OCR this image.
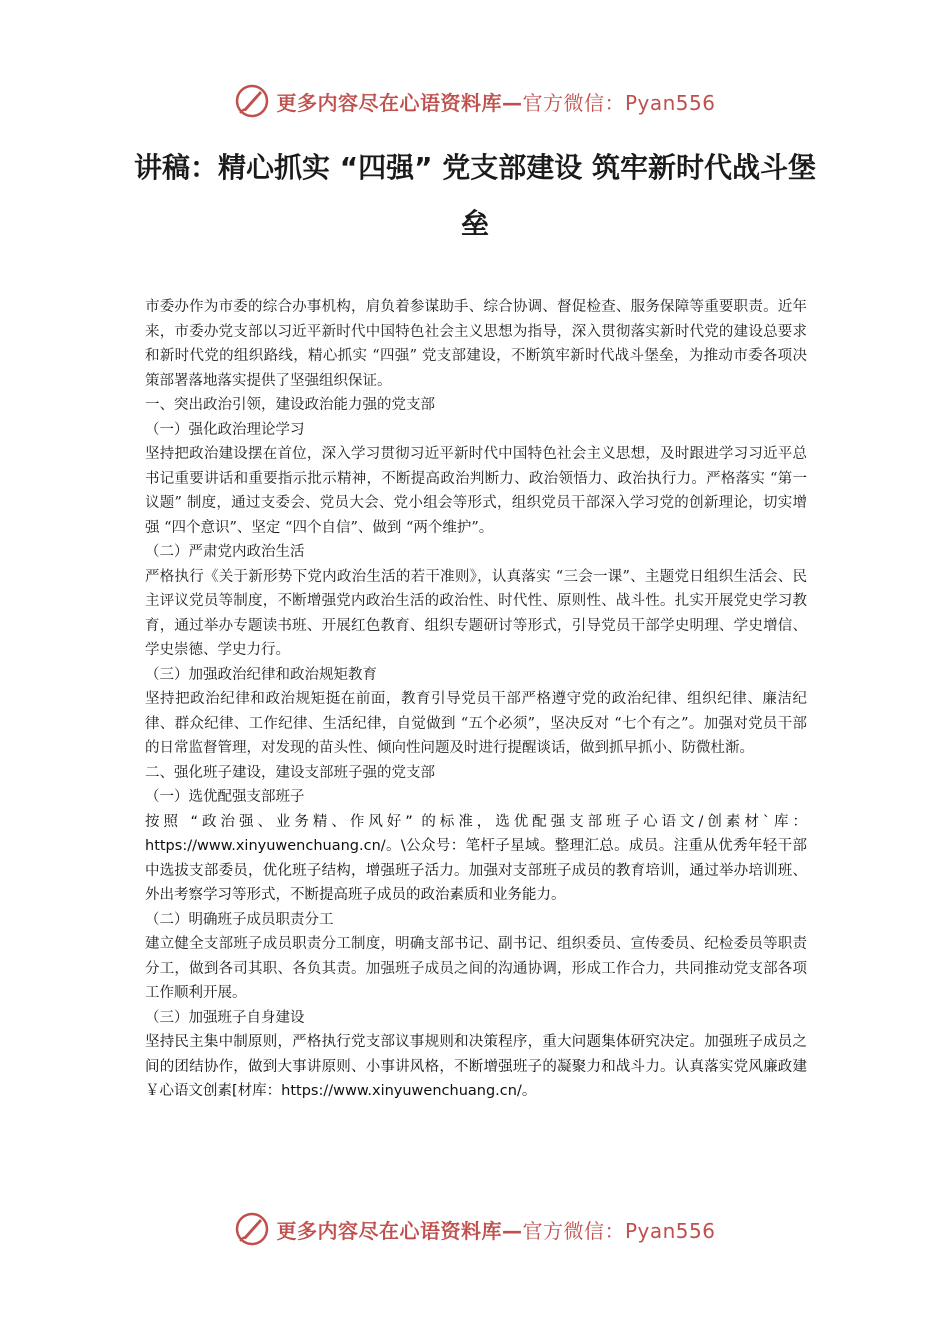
更多内容尽在心语资料库—官方微信：Pyan556
讲稿：精心抓实 “四强” 党支部建设 筑牢新时代战斗堡垒

市委办作为市委的综合办事机构，肩负着参谋助手、综合协调、督促检查、服务保障等重要职责。近年来，市委办党支部以习近平新时代中国特色社会主义思想为指导，深入贯彻落实新时代党的建设总要求和新时代党的组织路线，精心抓实 “四强” 党支部建设，不断筑牢新时代战斗堡垒，为推动市委各项决策部署落地落实提供了坚强组织保证。

一、突出政治引领，建设政治能力强的党支部

（一）强化政治理论学习

坚持把政治建设摆在首位，深入学习贯彻习近平新时代中国特色社会主义思想，及时跟进学习习近平总书记重要讲话和重要指示批示精神，不断提高政治判断力、政治领悟力、政治执行力。严格落实 “第一议题” 制度，通过支委会、党员大会、党小组会等形式，组织党员干部深入学习党的创新理论，切实增强 “四个意识”、坚定 “四个自信”、做到 “两个维护”。

（二）严肃党内政治生活

严格执行《关于新形势下党内政治生活的若干准则》，认真落实 “三会一课”、主题党日组织生活会、民主评议党员等制度，不断增强党内政治生活的政治性、时代性、原则性、战斗性。扎实开展党史学习教育，通过举办专题读书班、开展红色教育、组织专题研讨等形式，引导党员干部学史明理、学史增信、学史崇德、学史力行。

（三）加强政治纪律和政治规矩教育

坚持把政治纪律和政治规矩挺在前面，教育引导党员干部严格遵守党的政治纪律、组织纪律、廉洁纪律、群众纪律、工作纪律、生活纪律，自觉做到 “五个必须”，坚决反对 “七个有之”。加强对党员干部的日常监督管理，对发现的苗头性、倾向性问题及时进行提醒谈话，做到抓早抓小、防微杜渐。

二、强化班子建设，建设支部班子强的党支部

（一）选优配强支部班子

按照 “政治强、业务精、作风好” 的标准，选优配强支部班子心语文/创素材`库：https://www.xinyuwenchuang.cn/。\公众号：笔杆子星域。整理汇总。成员。注重从优秀年轻干部中选拔支部委员，优化班子结构，增强班子活力。加强对支部班子成员的教育培训，通过举办培训班、外出考察学习等形式，不断提高班子成员的政治素质和业务能力。

（二）明确班子成员职责分工

建立健全支部班子成员职责分工制度，明确支部书记、副书记、组织委员、宣传委员、纪检委员等职责分工，做到各司其职、各负其责。加强班子成员之间的沟通协调，形成工作合力，共同推动党支部各项工作顺利开展。

（三）加强班子自身建设

坚持民主集中制原则，严格执行党支部议事规则和决策程序，重大问题集体研究决定。加强班子成员之间的团结协作，做到大事讲原则、小事讲风格，不断增强班子的凝聚力和战斗力。认真落实党风廉政建￥心语文创素[材库：https://www.xinyuwenchuang.cn/。

更多内容尽在心语资料库—官方微信：Pyan556
